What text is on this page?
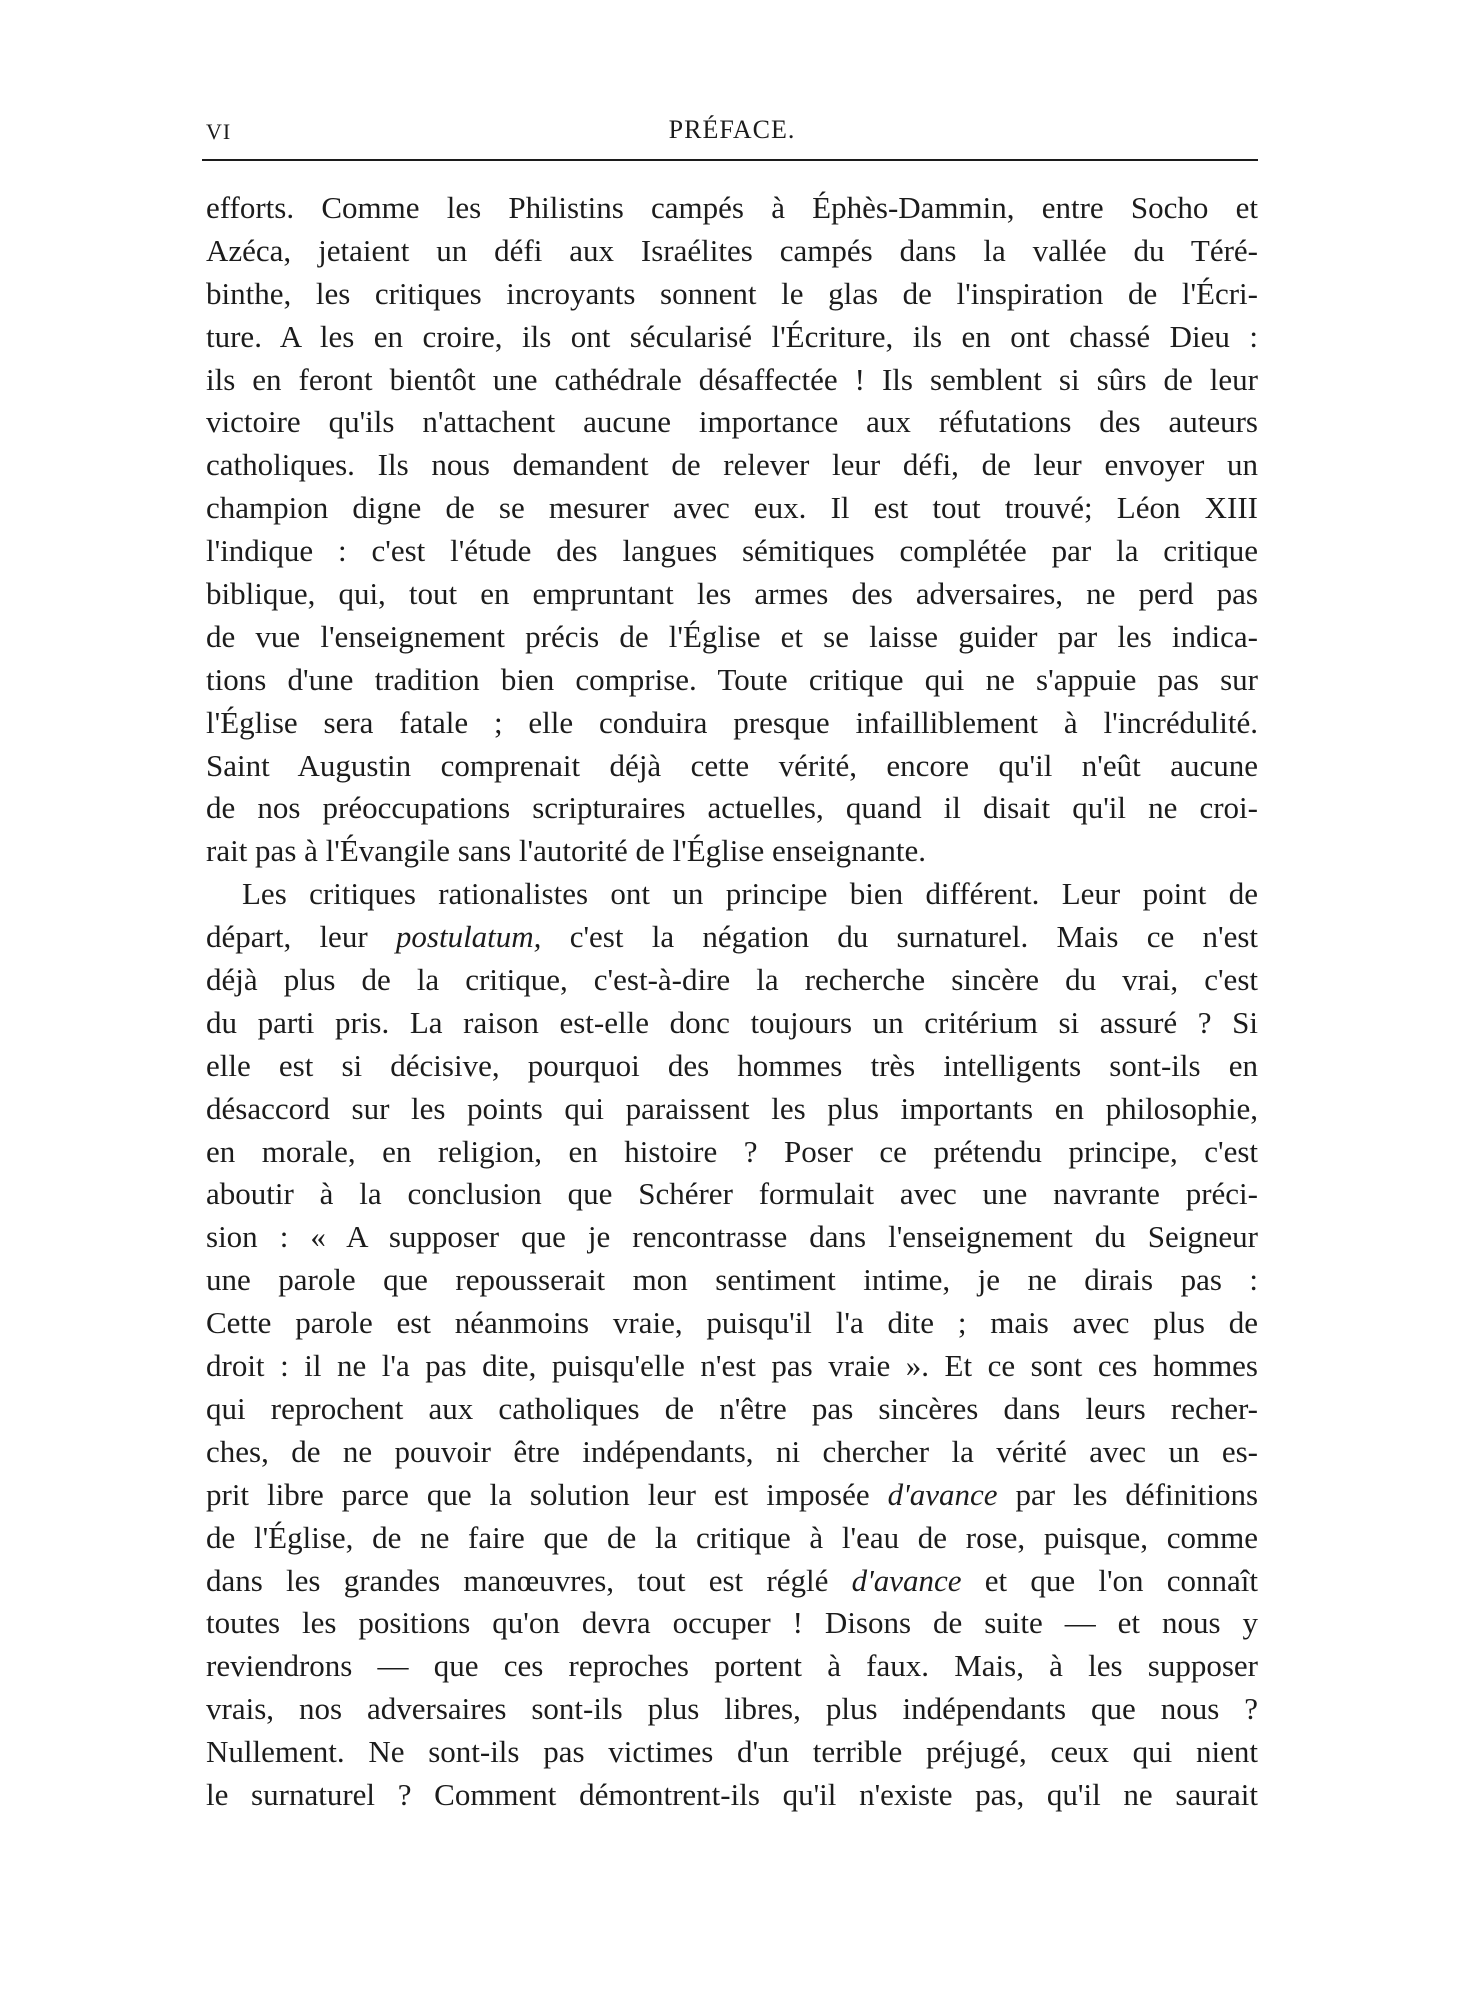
VI	PRÉFACE.
efforts. Comme les Philistins campés à Éphès-Dammin, entre Socho et
Azéca, jetaient un défi aux Israélites campés dans la vallée du Téré-
binthe, les critiques incroyants sonnent le glas de l'inspiration de l'Écri-
ture. A les en croire, ils ont sécularisé l'Écriture, ils en ont chassé Dieu :
ils en feront bientôt une cathédrale désaffectée ! Ils semblent si sûrs de leur
victoire qu'ils n'attachent aucune importance aux réfutations des auteurs
catholiques. Ils nous demandent de relever leur défi, de leur envoyer un
champion digne de se mesurer avec eux. Il est tout trouvé; Léon XIII
l'indique : c'est l'étude des langues sémitiques complétée par la critique
biblique, qui, tout en empruntant les armes des adversaires, ne perd pas
de vue l'enseignement précis de l'Église et se laisse guider par les indica-
tions d'une tradition bien comprise. Toute critique qui ne s'appuie pas sur
l'Église sera fatale ; elle conduira presque infailliblement à l'incrédulité.
Saint Augustin comprenait déjà cette vérité, encore qu'il n'eût aucune
de nos préoccupations scripturaires actuelles, quand il disait qu'il ne croi-
rait pas à l'Évangile sans l'autorité de l'Église enseignante.
Les critiques rationalistes ont un principe bien différent. Leur point de
départ, leur postulatum, c'est la négation du surnaturel. Mais ce n'est
déjà plus de la critique, c'est-à-dire la recherche sincère du vrai, c'est
du parti pris. La raison est-elle donc toujours un critérium si assuré ? Si
elle est si décisive, pourquoi des hommes très intelligents sont-ils en
désaccord sur les points qui paraissent les plus importants en philosophie,
en morale, en religion, en histoire ? Poser ce prétendu principe, c'est
aboutir à la conclusion que Schérer formulait avec une navrante préci-
sion : « A supposer que je rencontrasse dans l'enseignement du Seigneur
une parole que repousserait mon sentiment intime, je ne dirais pas :
Cette parole est néanmoins vraie, puisqu'il l'a dite ; mais avec plus de
droit : il ne l'a pas dite, puisqu'elle n'est pas vraie ». Et ce sont ces hommes
qui reprochent aux catholiques de n'être pas sincères dans leurs recher-
ches, de ne pouvoir être indépendants, ni chercher la vérité avec un es-
prit libre parce que la solution leur est imposée d'avance par les définitions
de l'Église, de ne faire que de la critique à l'eau de rose, puisque, comme
dans les grandes manœuvres, tout est réglé d'avance et que l'on connaît
toutes les positions qu'on devra occuper ! Disons de suite — et nous y
reviendrons — que ces reproches portent à faux. Mais, à les supposer
vrais, nos adversaires sont-ils plus libres, plus indépendants que nous ?
Nullement. Ne sont-ils pas victimes d'un terrible préjugé, ceux qui nient
le surnaturel ? Comment démontrent-ils qu'il n'existe pas, qu'il ne saurait
